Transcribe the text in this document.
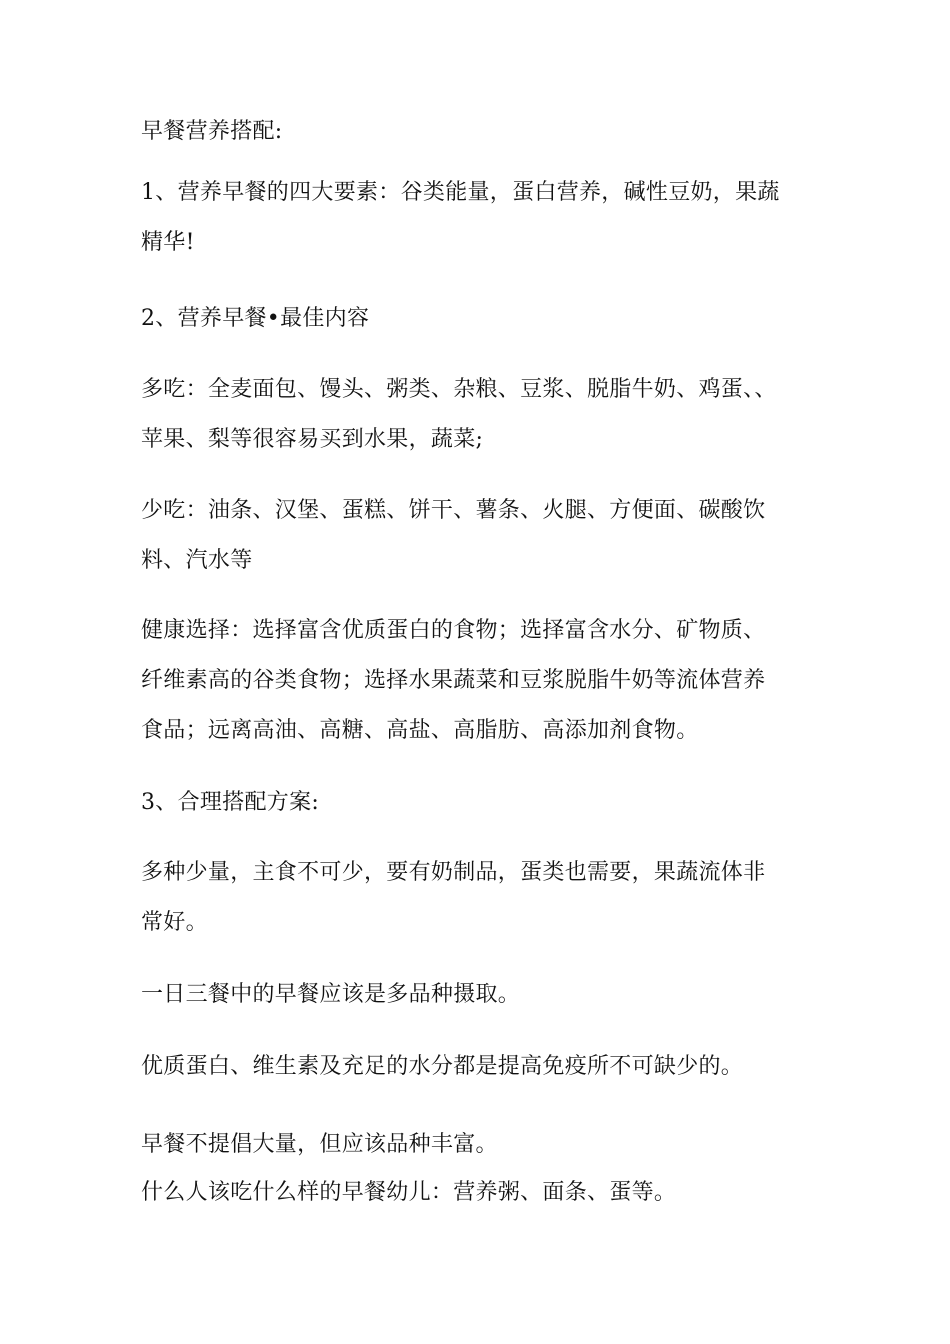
早餐营养搭配:

1、营养早餐的四大要素：谷类能量，蛋白营养，碱性豆奶，果蔬
精华!

2、营养早餐•最佳内容

多吃：全麦面包、馒头、粥类、杂粮、豆浆、脱脂牛奶、鸡蛋、、
苹果、梨等很容易买到水果，蔬菜;

少吃：油条、汉堡、蛋糕、饼干、薯条、火腿、方便面、碳酸饮
料、汽水等

健康选择：选择富含优质蛋白的食物；选择富含水分、矿物质、
纤维素高的谷类食物；选择水果蔬菜和豆浆脱脂牛奶等流体营养
食品；远离高油、高糖、高盐、高脂肪、高添加剂食物。

3、合理搭配方案:

多种少量，主食不可少，要有奶制品，蛋类也需要，果蔬流体非
常好。

一日三餐中的早餐应该是多品种摄取。

优质蛋白、维生素及充足的水分都是提高免疫所不可缺少的。

早餐不提倡大量，但应该品种丰富。

什么人该吃什么样的早餐幼儿：营养粥、面条、蛋等。
